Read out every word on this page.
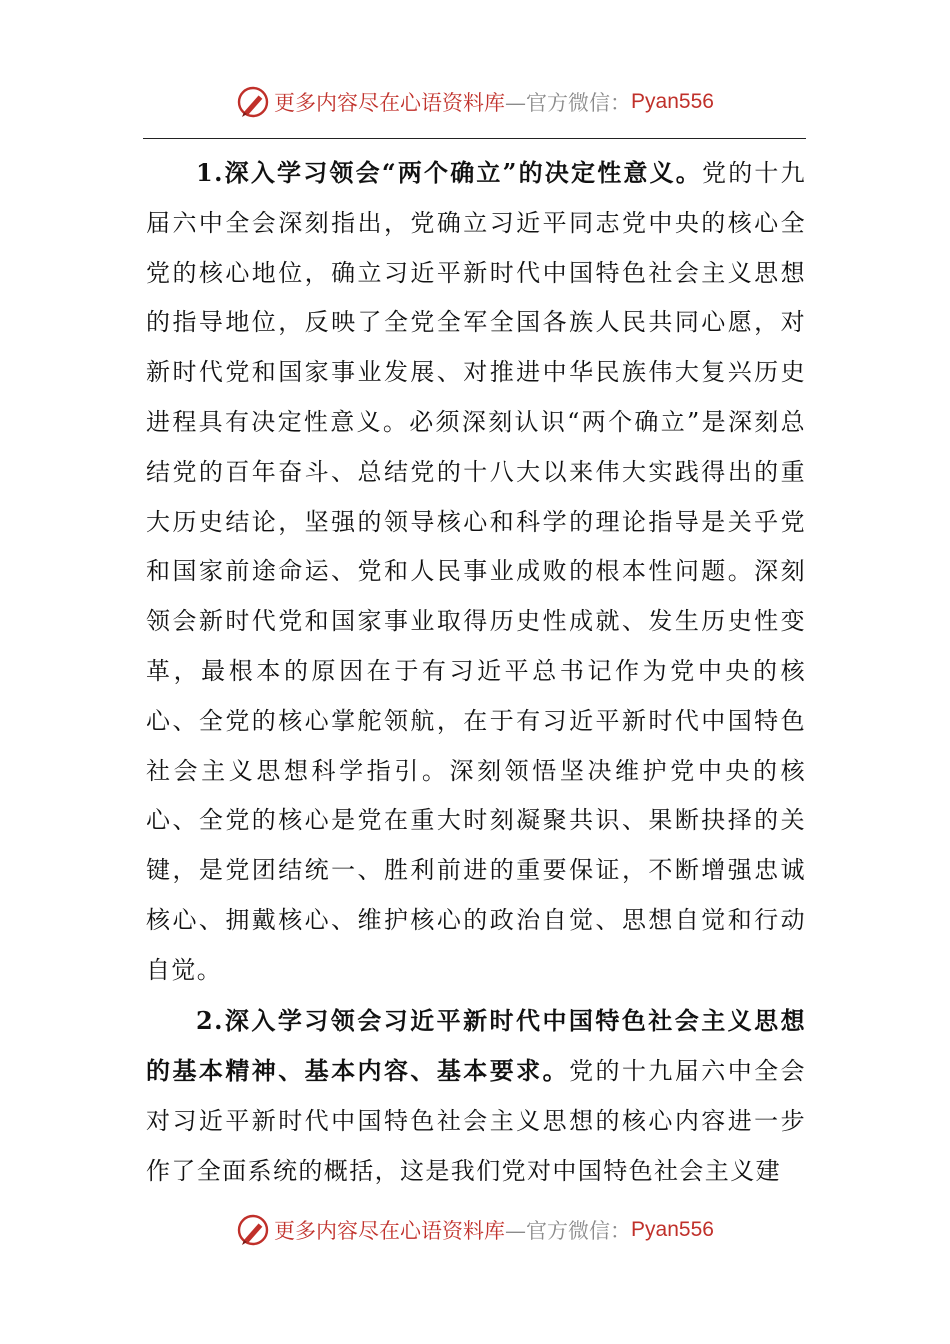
更多内容尽在心语资料库 —官方微信： Pyan556

1.深入学习领会“两个确立”的决定性意义。党的十九届六中全会深刻指出，党确立习近平同志党中央的核心全党的核心地位，确立习近平新时代中国特色社会主义思想的指导地位，反映了全党全军全国各族人民共同心愿，对新时代党和国家事业发展、对推进中华民族伟大复兴历史进程具有决定性意义。必须深刻认识“两个确立”是深刻总结党的百年奋斗、总结党的十八大以来伟大实践得出的重大历史结论，坚强的领导核心和科学的理论指导是关乎党和国家前途命运、党和人民事业成败的根本性问题。深刻领会新时代党和国家事业取得历史性成就、发生历史性变革，最根本的原因在于有习近平总书记作为党中央的核心、全党的核心掌舵领航，在于有习近平新时代中国特色社会主义思想科学指引。深刻领悟坚决维护党中央的核心、全党的核心是党在重大时刻凝聚共识、果断抉择的关键，是党团结统一、胜利前进的重要保证，不断增强忠诚核心、拥戴核心、维护核心的政治自觉、思想自觉和行动自觉。

2.深入学习领会习近平新时代中国特色社会主义思想的基本精神、基本内容、基本要求。党的十九届六中全会对习近平新时代中国特色社会主义思想的核心内容进一步作了全面系统的概括，这是我们党对中国特色社会主义建

更多内容尽在心语资料库 —官方微信： Pyan556
